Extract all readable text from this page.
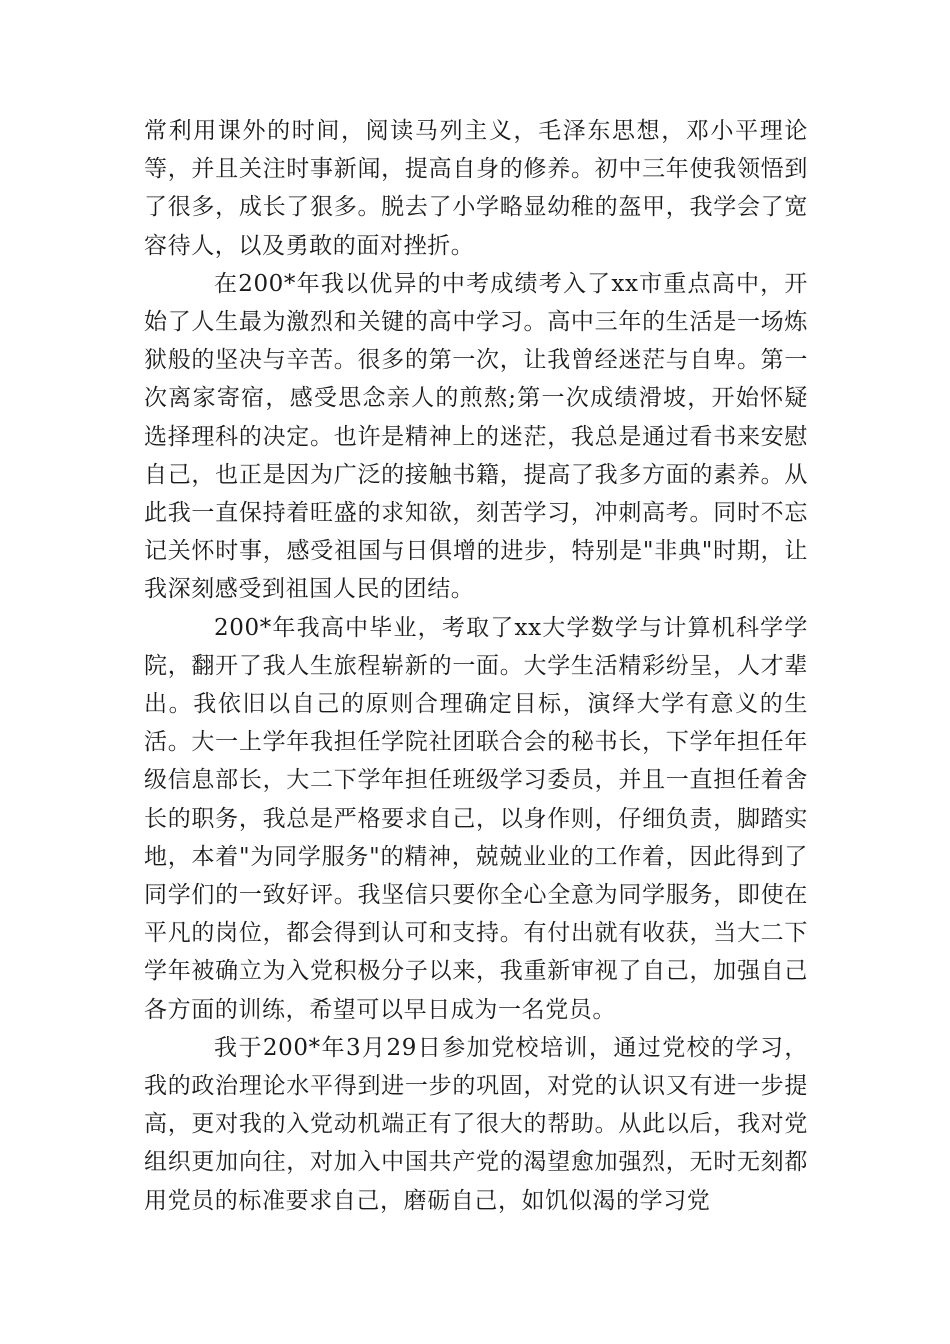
常利用课外的时间，阅读马列主义，毛泽东思想，邓小平理论等，并且关注时事新闻，提高自身的修养。初中三年使我领悟到了很多，成长了狠多。脱去了小学略显幼稚的盔甲，我学会了宽容待人，以及勇敢的面对挫折。

在200*年我以优异的中考成绩考入了xx市重点高中，开始了人生最为激烈和关键的高中学习。高中三年的生活是一场炼狱般的坚决与辛苦。很多的第一次，让我曾经迷茫与自卑。第一次离家寄宿，感受思念亲人的煎熬;第一次成绩滑坡，开始怀疑选择理科的决定。也许是精神上的迷茫，我总是通过看书来安慰自己，也正是因为广泛的接触书籍，提高了我多方面的素养。从此我一直保持着旺盛的求知欲，刻苦学习，冲刺高考。同时不忘记关怀时事，感受祖国与日俱增的进步，特别是"非典"时期，让我深刻感受到祖国人民的团结。

200*年我高中毕业，考取了xx大学数学与计算机科学学院，翻开了我人生旅程崭新的一面。大学生活精彩纷呈，人才辈出。我依旧以自己的原则合理确定目标，演绎大学有意义的生活。大一上学年我担任学院社团联合会的秘书长，下学年担任年级信息部长，大二下学年担任班级学习委员，并且一直担任着舍长的职务，我总是严格要求自己，以身作则，仔细负责，脚踏实地，本着"为同学服务"的精神，兢兢业业的工作着，因此得到了同学们的一致好评。我坚信只要你全心全意为同学服务，即使在平凡的岗位，都会得到认可和支持。有付出就有收获，当大二下学年被确立为入党积极分子以来，我重新审视了自己，加强自己各方面的训练，希望可以早日成为一名党员。

我于200*年3月29日参加党校培训，通过党校的学习，我的政治理论水平得到进一步的巩固，对党的认识又有进一步提高，更对我的入党动机端正有了很大的帮助。从此以后，我对党组织更加向往，对加入中国共产党的渴望愈加强烈，无时无刻都用党员的标准要求自己，磨砺自己，如饥似渴的学习党
